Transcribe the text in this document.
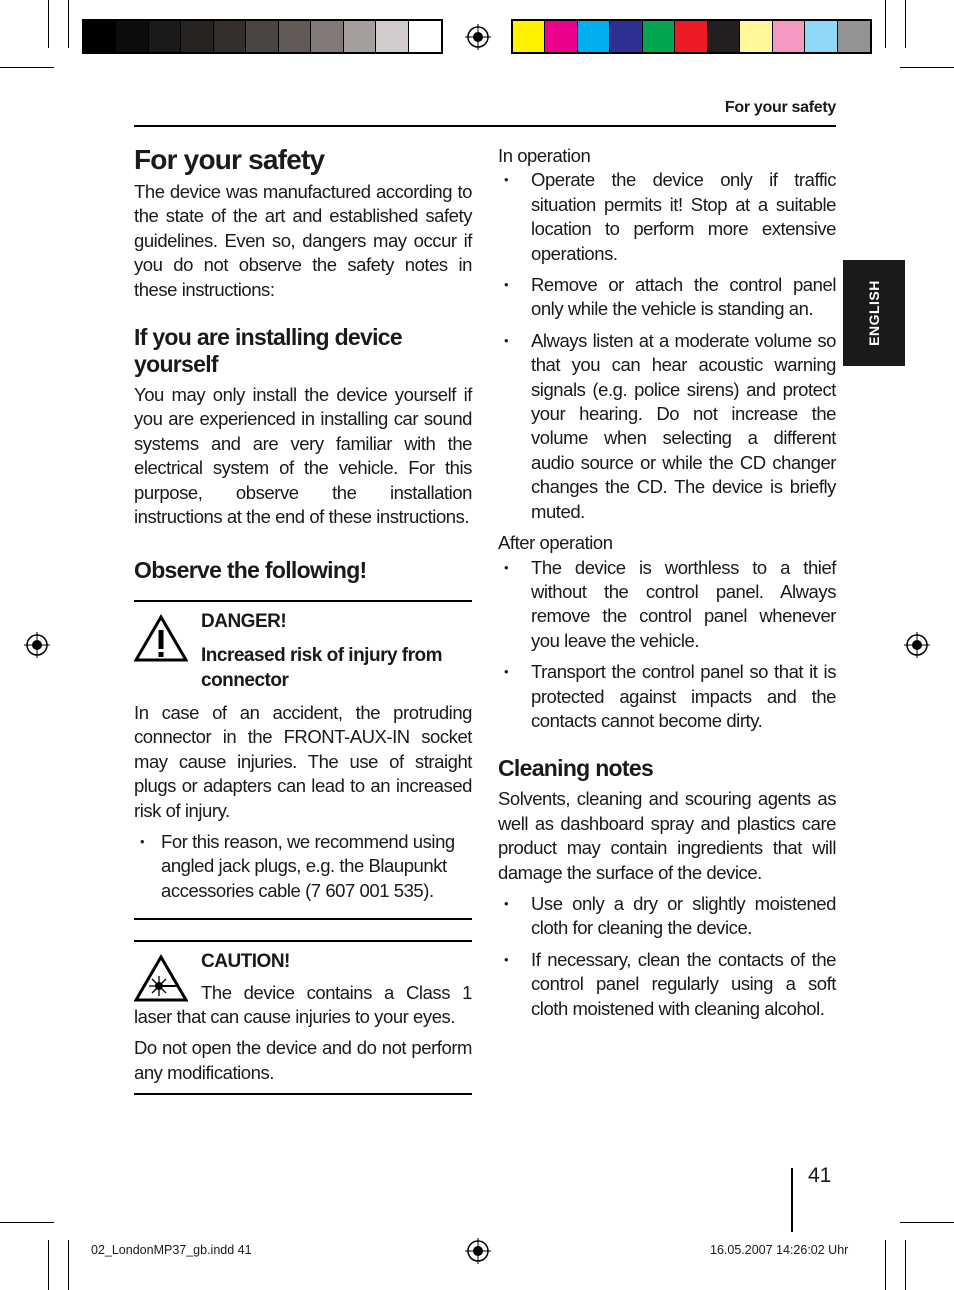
For your safety
ENGLISH
For your safety

The device was manufactured according to the state of the art and established safety guidelines. Even so, dangers may occur if you do not observe the safety notes in these instructions:

If you are installing device yourself

You may only install the device yourself if you are experienced in installing car sound systems and are very familiar with the electrical system of the vehicle. For this purpose, observe the installation instructions at the end of these instructions.

Observe the following!
DANGER!
Increased risk of injury from connector

In case of an accident, the protruding connector in the FRONT-AUX-IN socket may cause injuries. The use of straight plugs or adapters can lead to an increased risk of injury.

• For this reason, we recommend using angled jack plugs, e.g. the Blaupunkt accessories cable (7 607 001 535).
CAUTION!

The device contains a Class 1 laser that can cause injuries to your eyes.

Do not open the device and do not perform any modifications.

In operation

• Operate the device only if traffic situation permits it! Stop at a suitable location to perform more extensive operations.
• Remove or attach the control panel only while the vehicle is standing an.
• Always listen at a moderate volume so that you can hear acoustic warning signals (e.g. police sirens) and protect your hearing. Do not increase the volume when selecting a different audio source or while the CD changer changes the CD. The device is briefly muted.

After operation

• The device is worthless to a thief without the control panel. Always remove the control panel whenever you leave the vehicle.
• Transport the control panel so that it is protected against impacts and the contacts cannot become dirty.
Cleaning notes

Solvents, cleaning and scouring agents as well as dashboard spray and plastics care product may contain ingredients that will damage the surface of the device.

• Use only a dry or slightly moistened cloth for cleaning the device.
• If necessary, clean the contacts of the control panel regularly using a soft cloth moistened with cleaning alcohol.
41
02_LondonMP37_gb.indd 41	16.05.2007 14:26:02 Uhr
